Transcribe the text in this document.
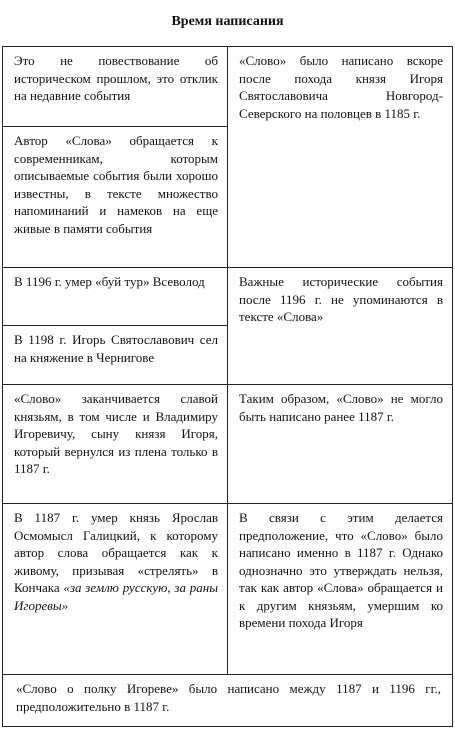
Время написания
Это не повествование об историческом прошлом, это отклик на недавние события	«Слово» было написано вскоре после похода князя Игоря Святославовича Новгород-Северского на половцев в 1185 г.
Автор «Слова» обращается к современникам, которым описываемые события были хорошо известны, в тексте множество напоминаний и намеков на еще живые в памяти события	
В 1196 г. умер «буй тур» Всеволод	Важные исторические события после 1196 г. не упоминаются в тексте «Слова»
В 1198 г. Игорь Святославович сел на княжение в Чернигове	
«Слово» заканчивается славой князьям, в том числе и Владимиру Игоревичу, сыну князя Игоря, который вернулся из плена только в 1187 г.	Таким образом, «Слово» не могло быть написано ранее 1187 г.
В 1187 г. умер князь Ярослав Осмомысл Галицкий, к которому автор слова обращается как к живому, призывая «стрелять» в Кончака «за землю русскую, за раны Игоревы»	В связи с этим делается предположение, что «Слово» было написано именно в 1187 г. Однако однозначно это утверждать нельзя, так как автор «Слова» обращается и к другим князьям, умершим ко времени похода Игоря
«Слово о полку Игореве» было написано между 1187 и 1196 гг., предположительно в 1187 г.	
